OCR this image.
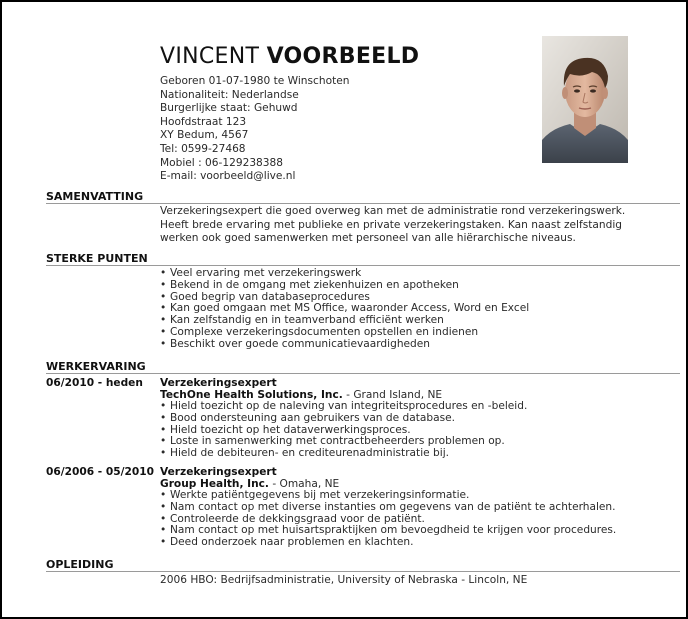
VINCENT VOORBEELD
Geboren 01-07-1980 te Winschoten
Nationaliteit: Nederlandse
Burgerlijke staat: Gehuwd
Hoofdstraat 123
XY Bedum, 4567
Tel: 0599-27468
Mobiel : 06-129238388
E-mail: voorbeeld@live.nl
SAMENVATTING
Verzekeringsexpert die goed overweg kan met de administratie rond verzekeringswerk.
Heeft brede ervaring met publieke en private verzekeringstaken. Kan naast zelfstandig
werken ook goed samenwerken met personeel van alle hiërarchische niveaus.
STERKE PUNTEN
• Veel ervaring met verzekeringswerk
• Bekend in de omgang met ziekenhuizen en apotheken
• Goed begrip van databaseprocedures
• Kan goed omgaan met MS Office, waaronder Access, Word en Excel
• Kan zelfstandig en in teamverband efficiënt werken
• Complexe verzekeringsdocumenten opstellen en indienen
• Beschikt over goede communicatievaardigheden
WERKERVARING
06/2010 - heden Verzekeringsexpert
TechOne Health Solutions, Inc. - Grand Island, NE
• Hield toezicht op de naleving van integriteitsprocedures en -beleid.
• Bood ondersteuning aan gebruikers van de database.
• Hield toezicht op het dataverwerkingsproces.
• Loste in samenwerking met contractbeheerders problemen op.
• Hield de debiteuren- en crediteurenadministratie bij.
06/2006 - 05/2010 Verzekeringsexpert
Group Health, Inc. - Omaha, NE
• Werkte patiëntgegevens bij met verzekeringsinformatie.
• Nam contact op met diverse instanties om gegevens van de patiënt te achterhalen.
• Controleerde de dekkingsgraad voor de patiënt.
• Nam contact op met huisartspraktijken om bevoegdheid te krijgen voor procedures.
• Deed onderzoek naar problemen en klachten.
OPLEIDING
2006 HBO: Bedrijfsadministratie, University of Nebraska - Lincoln, NE
